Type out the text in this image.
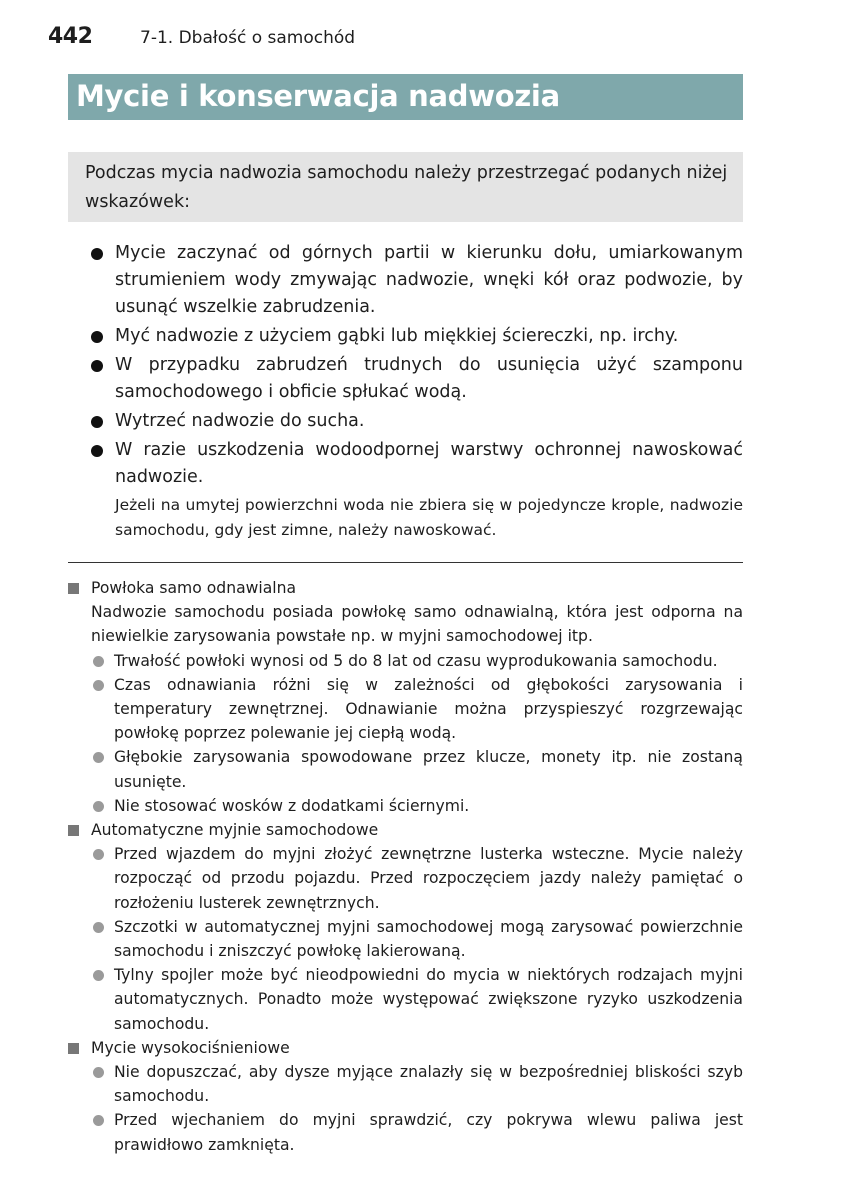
442	7-1. Dbałość o samochód
Mycie i konserwacja nadwozia
Podczas mycia nadwozia samochodu należy przestrzegać podanych niżej wskazówek:
Mycie zaczynać od górnych partii w kierunku dołu, umiarkowanym strumieniem wody zmywając nadwozie, wnęki kół oraz podwozie, by usunąć wszelkie zabrudzenia.
Myć nadwozie z użyciem gąbki lub miękkiej ściereczki, np. irchy.
W przypadku zabrudzeń trudnych do usunięcia użyć szamponu samochodowego i obficie spłukać wodą.
Wytrzeć nadwozie do sucha.
W razie uszkodzenia wodoodpornej warstwy ochronnej nawoskować nadwozie.
Jeżeli na umytej powierzchni woda nie zbiera się w pojedyncze krople, nadwozie samochodu, gdy jest zimne, należy nawoskować.
Powłoka samo odnawialna
Nadwozie samochodu posiada powłokę samo odnawialną, która jest odporna na niewielkie zarysowania powstałe np. w myjni samochodowej itp.
Trwałość powłoki wynosi od 5 do 8 lat od czasu wyprodukowania samochodu.
Czas odnawiania różni się w zależności od głębokości zarysowania i temperatury zewnętrznej. Odnawianie można przyspieszyć rozgrzewając powłokę poprzez polewanie jej ciepłą wodą.
Głębokie zarysowania spowodowane przez klucze, monety itp. nie zostaną usunięte.
Nie stosować wosków z dodatkami ściernymi.
Automatyczne myjnie samochodowe
Przed wjazdem do myjni złożyć zewnętrzne lusterka wsteczne. Mycie należy rozpocząć od przodu pojazdu. Przed rozpoczęciem jazdy należy pamiętać o rozłożeniu lusterek zewnętrznych.
Szczotki w automatycznej myjni samochodowej mogą zarysować powierzchnie samochodu i zniszczyć powłokę lakierowaną.
Tylny spojler może być nieodpowiedni do mycia w niektórych rodzajach myjni automatycznych. Ponadto może występować zwiększone ryzyko uszkodzenia samochodu.
Mycie wysokociśnieniowe
Nie dopuszczać, aby dysze myjące znalazły się w bezpośredniej bliskości szyb samochodu.
Przed wjechaniem do myjni sprawdzić, czy pokrywa wlewu paliwa jest prawidłowo zamknięta.
